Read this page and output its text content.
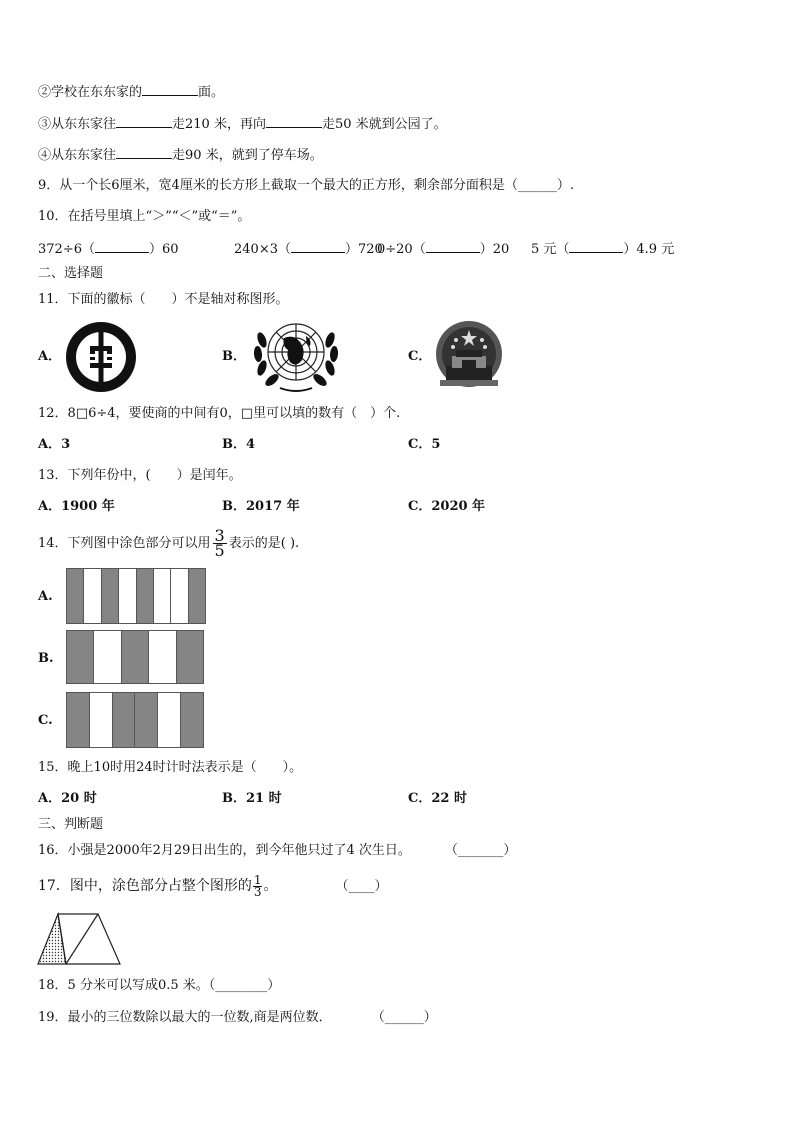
②学校在东东家的	面。
③从东东家往	走210 米，再向	走50 米就到公园了。
④从东东家往	走90 米，就到了停车场。
9．从一个长6厘米，宽4厘米的长方形上截取一个最大的正方形，剩余部分面积是（______）.
10．在括号里填上“＞”“＜”或“＝”。
372÷6（	）60	240×3（	）7200÷20（	）20 5 元（	）4.9 元
二、选择题
11．下面的徽标（　　）不是轴对称图形。
A．	B．	C．
12．8□6÷4，要使商的中间有0，□里可以填的数有（　）个.
A．3	B．4	C．5
13．下列年份中，(　　）是闰年。
A．1900 年	B．2017 年	C．2020 年
14．下列图中涂色部分可以用 $\frac{3}{5}$ 表示的是( ).
A.
B.
C.
15．晚上10时用24时计时法表示是（　　）。
A．20 时	B．21 时	C．22 时
三、判断题
16．小强是2000年2月29日出生的，到今年他只过了4 次生日。	（_______）
17．图中，涂色部分占整个图形的 $\frac{1}{3}$ 。	（____）
18．5 分米可以写成0.5 米。（________）
19．最小的三位数除以最大的一位数,商是两位数．	（______）
